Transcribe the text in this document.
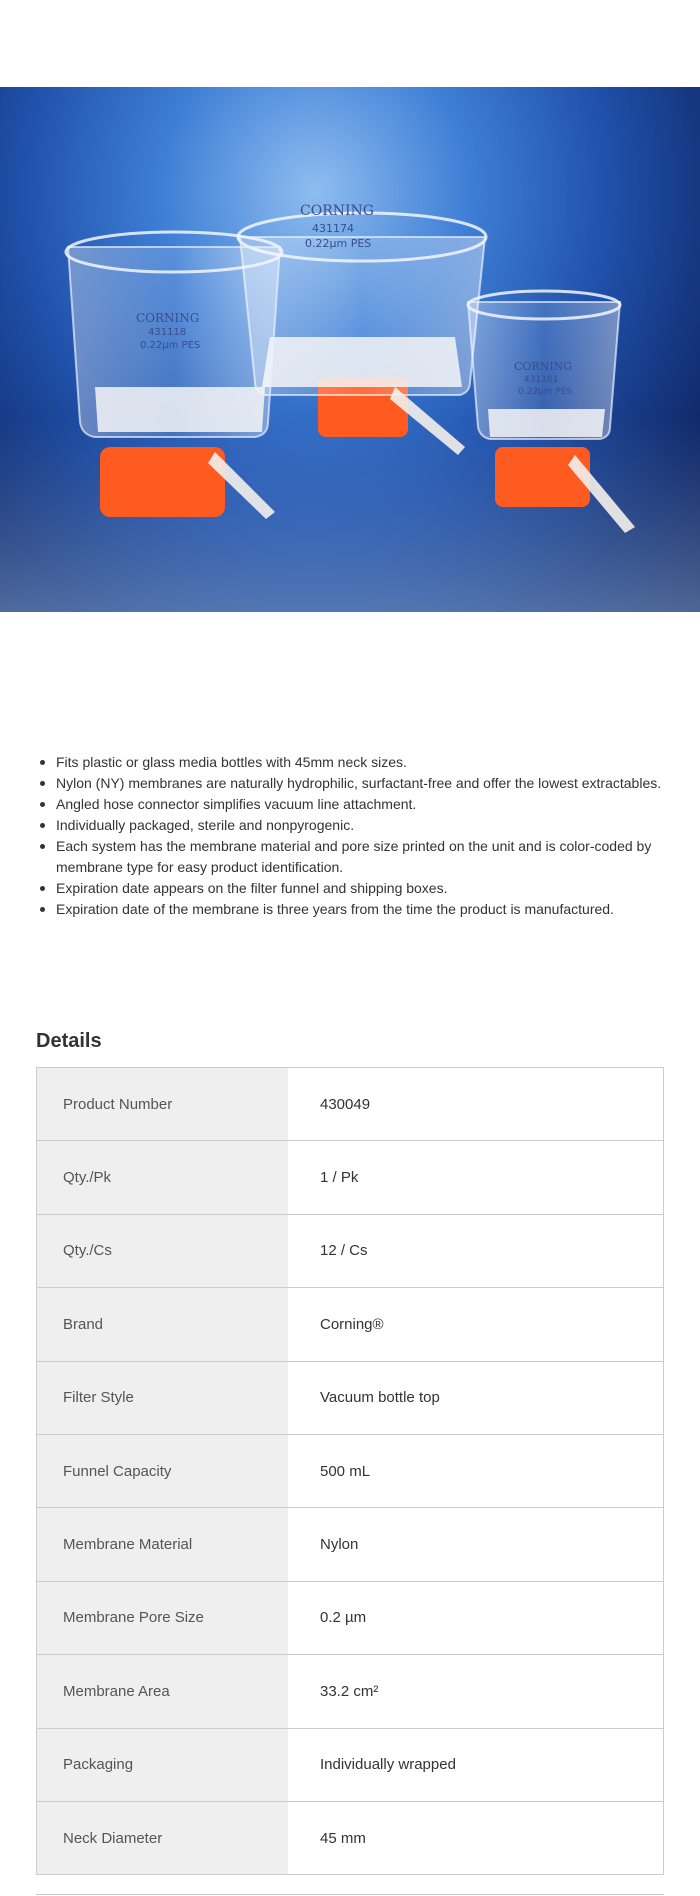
CORNING
431174
0.22µm PES
CORNING
431118
0.22µm PES
CORNING
431161
0.22µm PES
Fits plastic or glass media bottles with 45mm neck sizes.
Nylon (NY) membranes are naturally hydrophilic, surfactant-free and offer the lowest extractables.
Angled hose connector simplifies vacuum line attachment.
Individually packaged, sterile and nonpyrogenic.
Each system has the membrane material and pore size printed on the unit and is color-coded by membrane type for easy product identification.
Expiration date appears on the filter funnel and shipping boxes.
Expiration date of the membrane is three years from the time the product is manufactured.
Details
Product Number	430049
Qty./Pk	1 / Pk
Qty./Cs	12 / Cs
Brand	Corning®
Filter Style	Vacuum bottle top
Funnel Capacity	500 mL
Membrane Material	Nylon
Membrane Pore Size	0.2 µm
Membrane Area	33.2 cm²
Packaging	Individually wrapped
Neck Diameter	45 mm
